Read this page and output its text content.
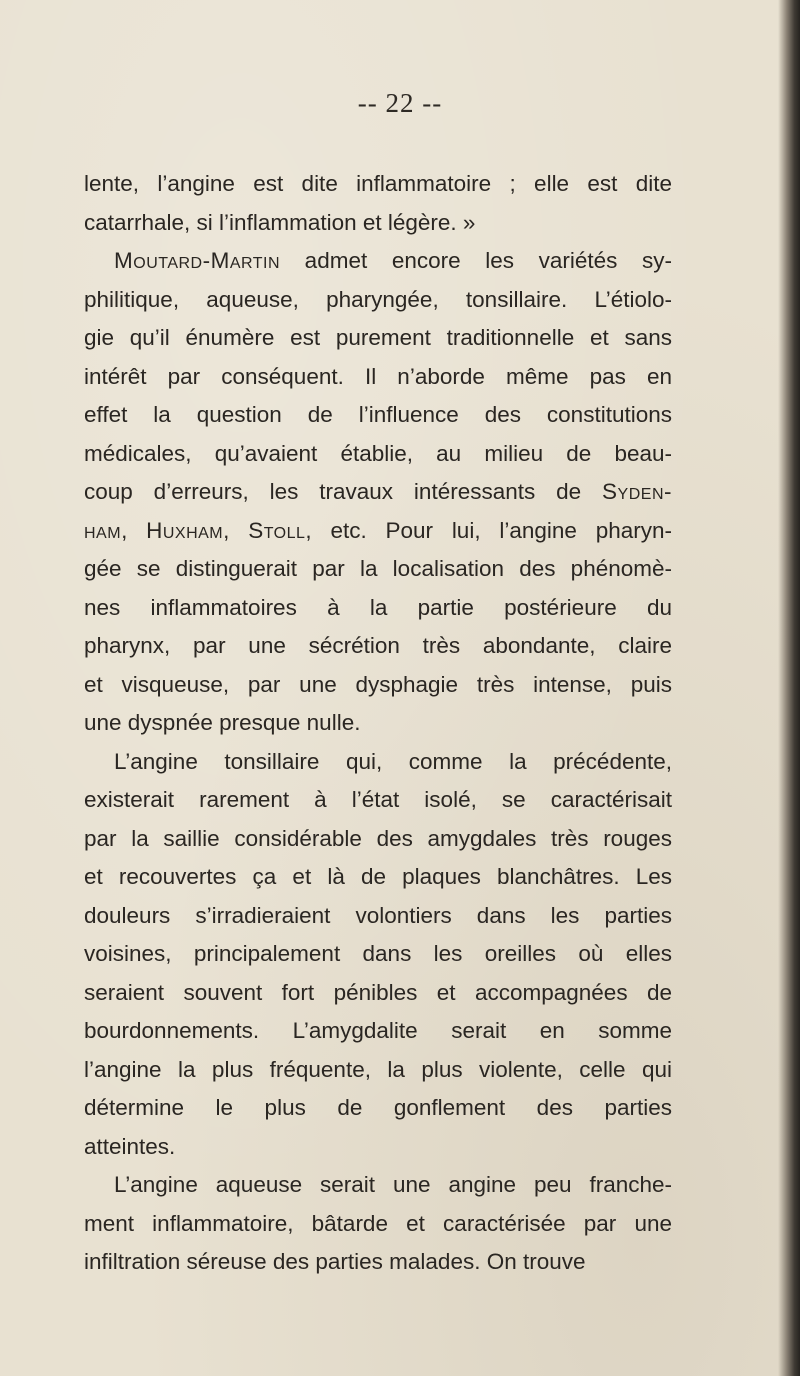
-- 22 --
lente, l’angine est dite inflammatoire ; elle est dite
catarrhale, si l’inflammation et légère. »
Moutard-Martin admet encore les variétés sy-
philitique, aqueuse, pharyngée, tonsillaire. L’étiolo-
gie qu’il énumère est purement traditionnelle et sans
intérêt par conséquent. Il n’aborde même pas en
effet la question de l’influence des constitutions
médicales, qu’avaient établie, au milieu de beau-
coup d’erreurs, les travaux intéressants de Syden-
ham, Huxham, Stoll, etc. Pour lui, l’angine pharyn-
gée se distinguerait par la localisation des phénomè-
nes inflammatoires à la partie postérieure du
pharynx, par une sécrétion très abondante, claire
et visqueuse, par une dysphagie très intense, puis
une dyspnée presque nulle.
L’angine tonsillaire qui, comme la précédente,
existerait rarement à l’état isolé, se caractérisait
par la saillie considérable des amygdales très rouges
et recouvertes ça et là de plaques blanchâtres. Les
douleurs s’irradieraient volontiers dans les parties
voisines, principalement dans les oreilles où elles
seraient souvent fort pénibles et accompagnées de
bourdonnements. L’amygdalite serait en somme
l’angine la plus fréquente, la plus violente, celle qui
détermine le plus de gonflement des parties
atteintes.
L’angine aqueuse serait une angine peu franche-
ment inflammatoire, bâtarde et caractérisée par une
infiltration séreuse des parties malades. On trouve
